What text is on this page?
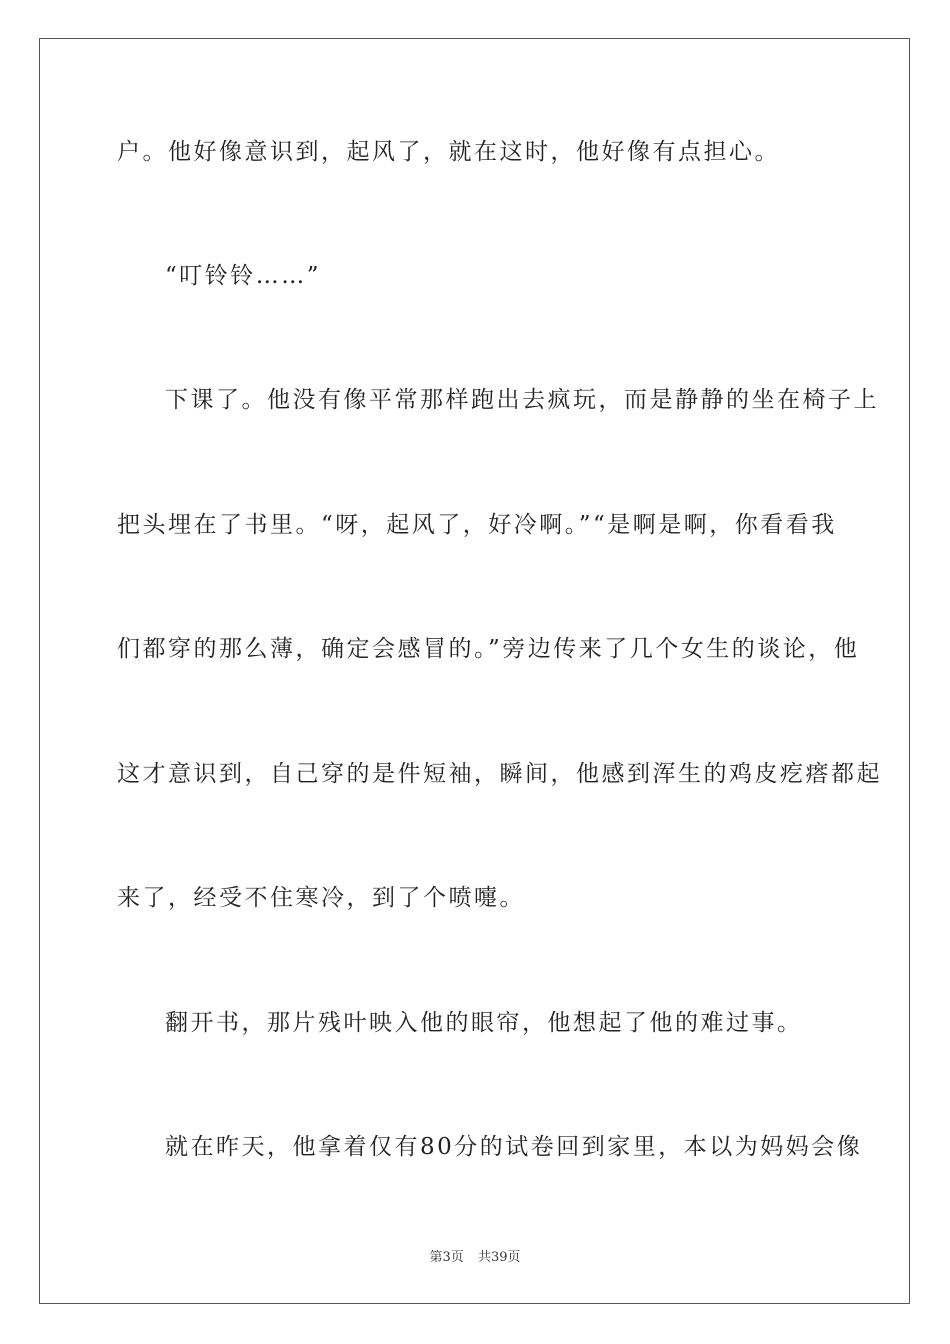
户。他好像意识到，起风了，就在这时，他好像有点担心。
“叮铃铃……”
下课了。他没有像平常那样跑出去疯玩，而是静静的坐在椅子上
把头埋在了书里。“呀，起风了，好冷啊。”“是啊是啊，你看看我
们都穿的那么薄，确定会感冒的。”旁边传来了几个女生的谈论，他
这才意识到，自己穿的是件短袖，瞬间，他感到浑生的鸡皮疙瘩都起
来了，经受不住寒冷，到了个喷嚏。
翻开书，那片残叶映入他的眼帘，他想起了他的难过事。
就在昨天，他拿着仅有80分的试卷回到家里，本以为妈妈会像
第3页 共39页
